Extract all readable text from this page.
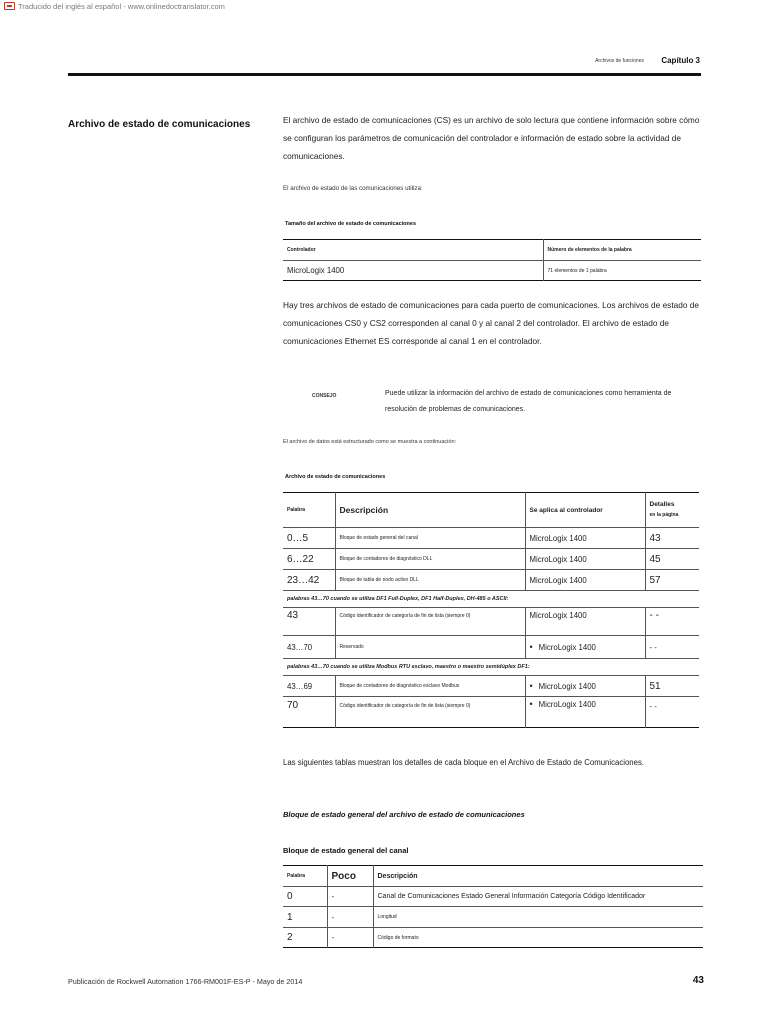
Traducido del inglés al español - www.onlinedoctranslator.com
Archivos de funciones Capítulo 3
Archivo de estado de comunicaciones	El archivo de estado de comunicaciones (CS) es un archivo de solo lectura que contiene información sobre cómo se configuran los parámetros de comunicación del controlador e información de estado sobre la actividad de comunicaciones.
El archivo de estado de las comunicaciones utiliza:
Tamaño del archivo de estado de comunicaciones
Controlador	Número de elementos de la palabra
MicroLogix 1400	71 elementos de 1 palabra
Hay tres archivos de estado de comunicaciones para cada puerto de comunicaciones. Los archivos de estado de comunicaciones CS0 y CS2 corresponden al canal 0 y al canal 2 del controlador. El archivo de estado de comunicaciones Ethernet ES corresponde al canal 1 en el controlador.
CONSEJO	Puede utilizar la información del archivo de estado de comunicaciones como herramienta de resolución de problemas de comunicaciones.
El archivo de datos está estructurado como se muestra a continuación:
Archivo de estado de comunicaciones
Palabra	Descripción	Se aplica al controlador	Detalles
en la página
0…5	Bloque de estado general del canal	MicroLogix 1400	43
6…22	Bloque de contadores de diagnóstico DLL	MicroLogix 1400	45
23…42	Bloque de tabla de nodo activo DLL	MicroLogix 1400	57
palabras 43…70 cuando se utiliza DF1 Full-Duplex, DF1 Half-Duplex, DH-485 o ASCII:			
43	Código identificador de categoría de fin de lista (siempre 0)	MicroLogix 1400	- -
43…70	Reservado	• MicroLogix 1400	- -
palabras 43…70 cuando se utiliza Modbus RTU esclavo, maestro o maestro semidúplex DF1:			
43…69	Bloque de contadores de diagnóstico esclavo Modbus	• MicroLogix 1400	51
70	Código identificador de categoría de fin de lista (siempre 0)	• MicroLogix 1400	- -
Las siguientes tablas muestran los detalles de cada bloque en el Archivo de Estado de Comunicaciones.
Bloque de estado general del archivo de estado de comunicaciones
Bloque de estado general del canal
Palabra	Poco	Descripción
0	-	Canal de Comunicaciones Estado General Información Categoría Código Identificador
1	-	Longitud
2	-	Código de formato
Publicación de Rockwell Automation 1766-RM001F-ES-P - Mayo de 2014	43
